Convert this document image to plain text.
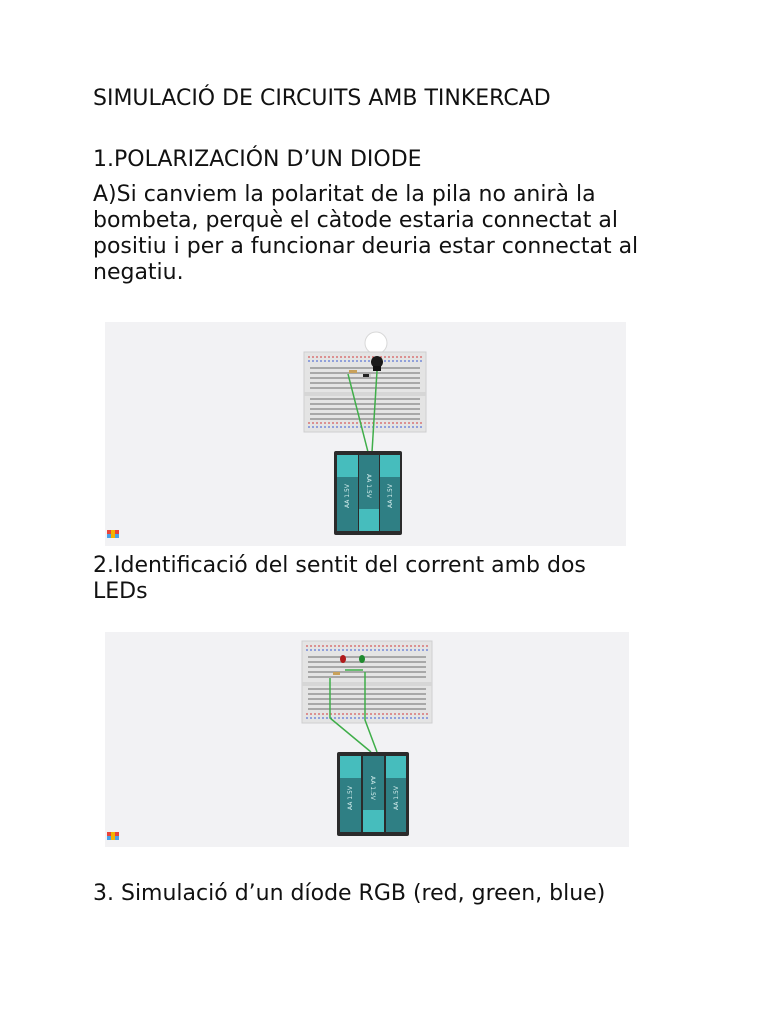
SIMULACIÓ DE CIRCUITS AMB TINKERCAD
1.POLARIZACIÓN D’UN DIODE
A)Si canviem la polaritat de la pila no anirà la
bombeta, perquè el càtode estaria connectat al
positiu i per a funcionar deuria estar connectat al
negatiu.
AA 1.5V AA 1.5V	AA 1.5V
2.Identificació del sentit del corrent amb dos
LEDs
AA 1.5V	AA 1.5V	AA 1.5V
3. Simulació d’un díode RGB (red, green, blue)
